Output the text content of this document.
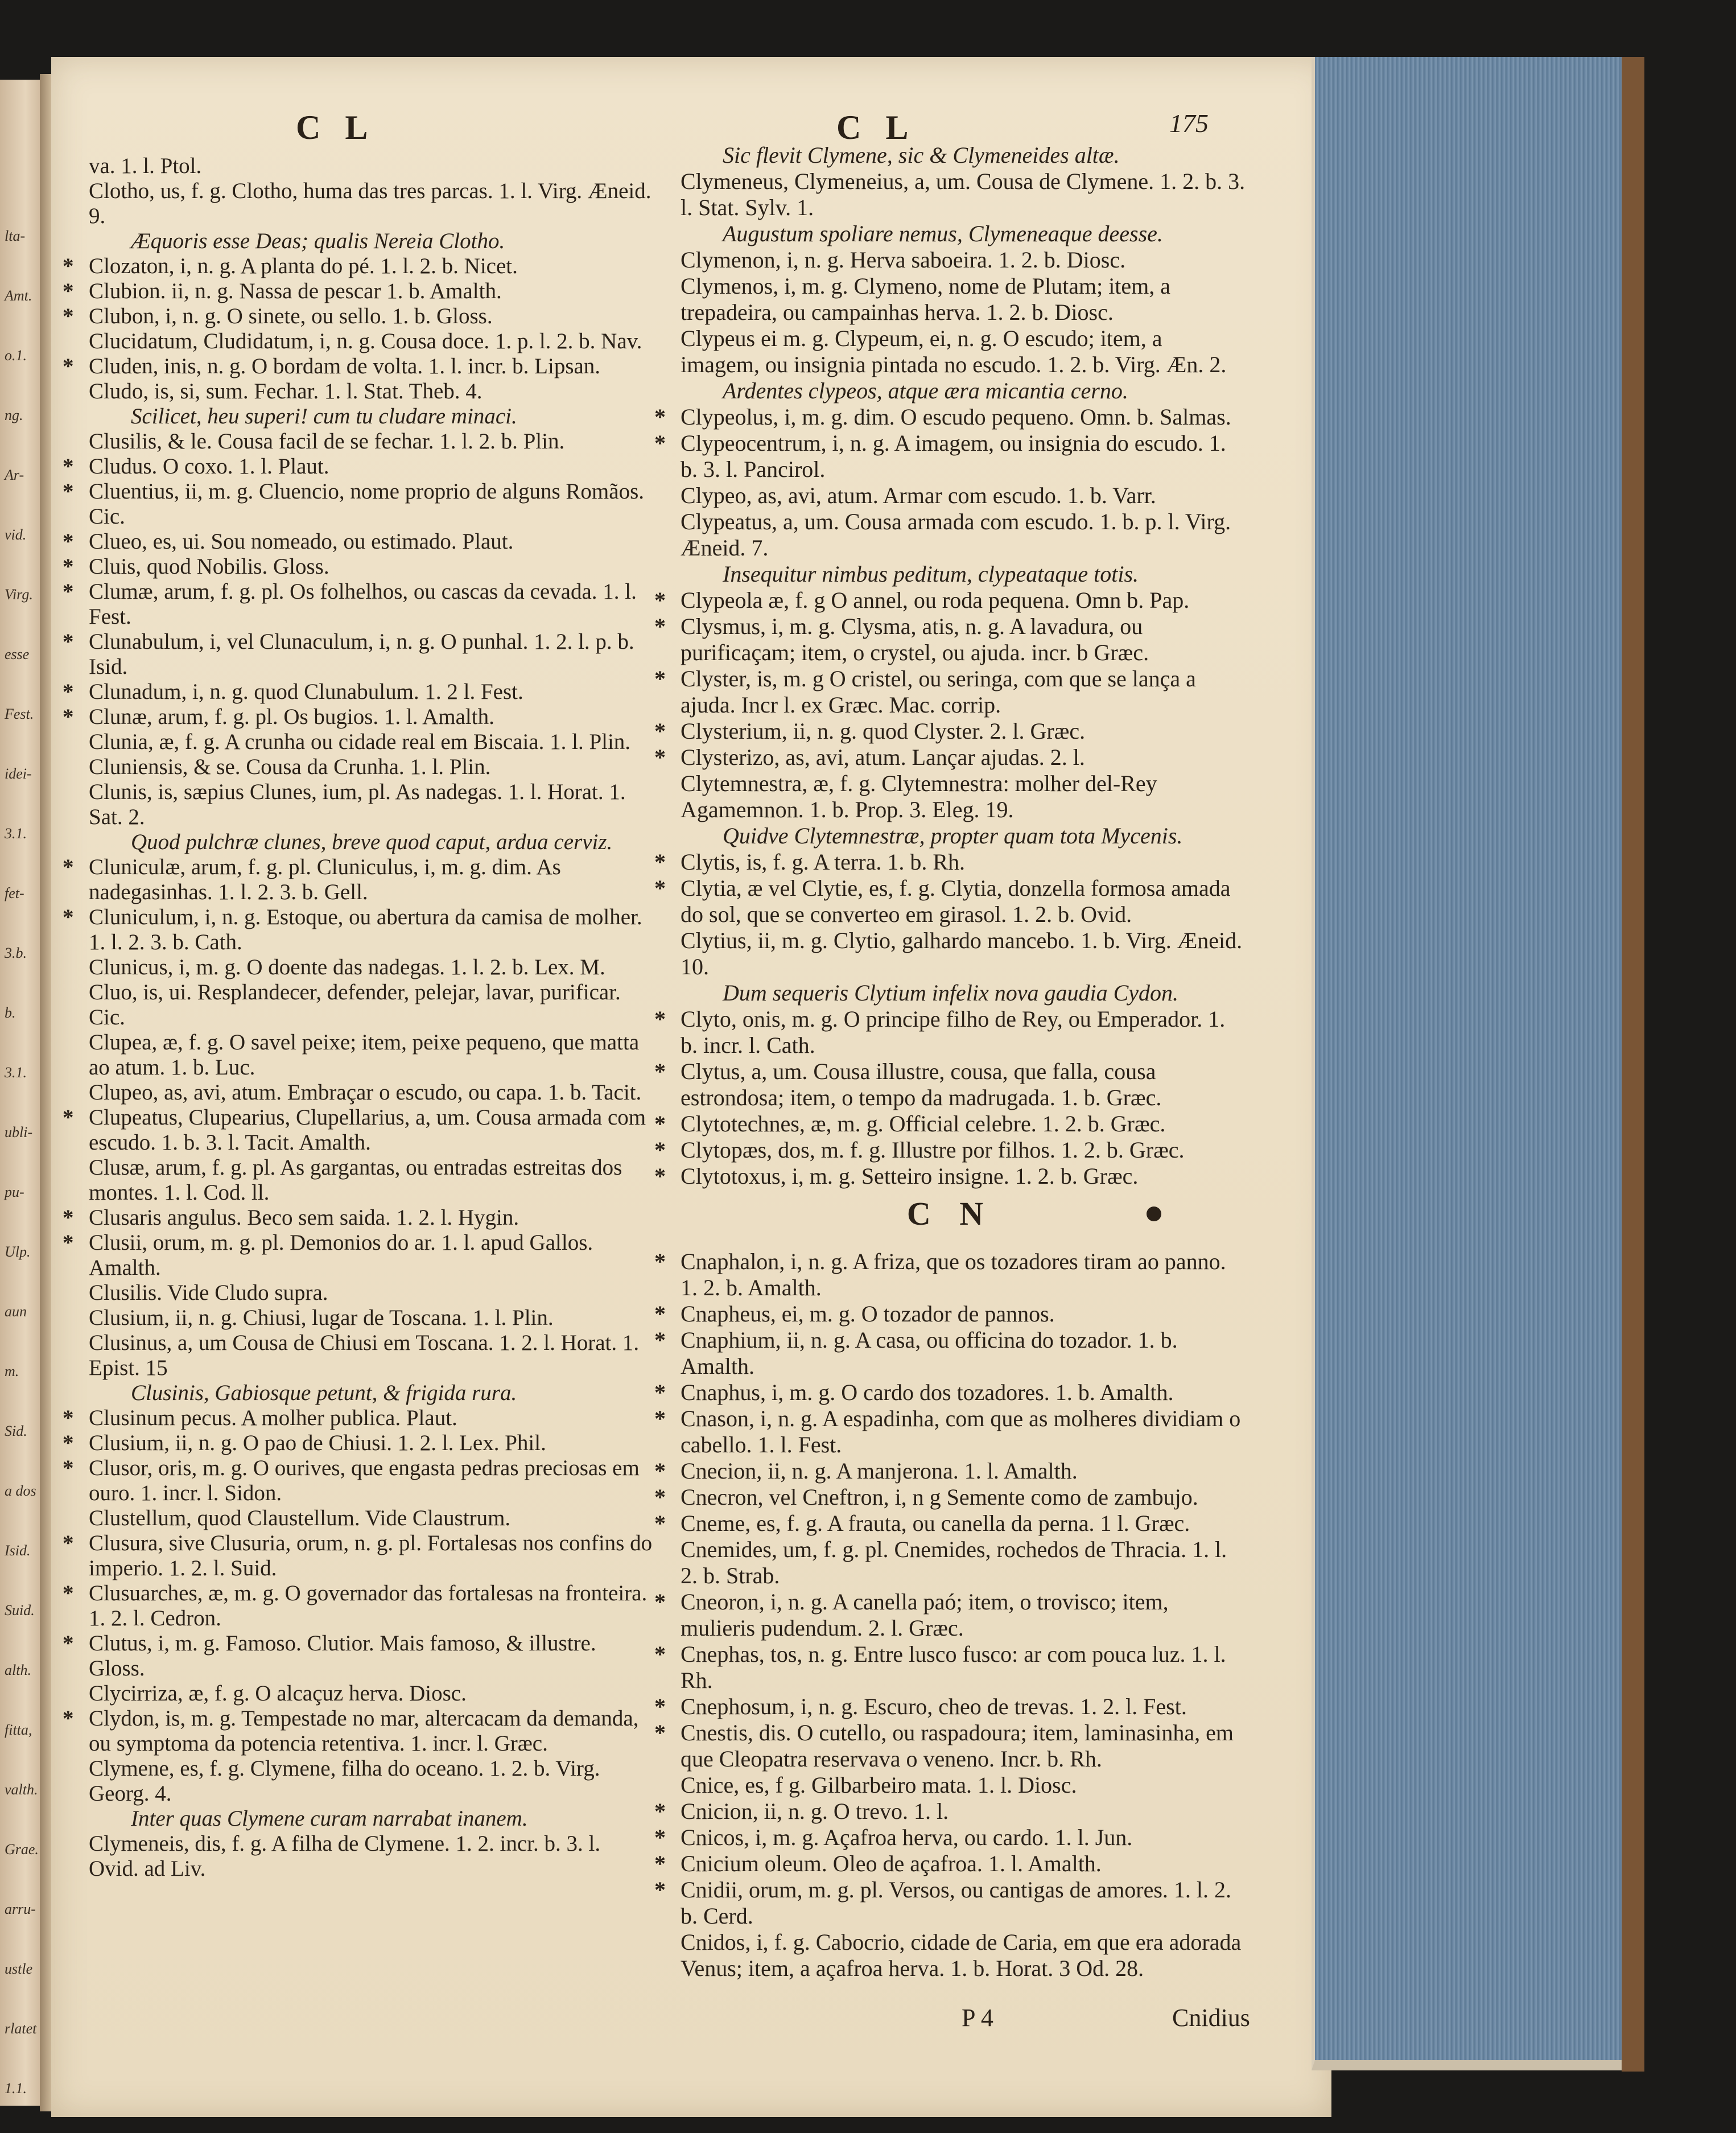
lta-
Amt.
o.1.
ng.
Ar-
vid.
Virg.
esse
Fest.
idei-
3.1.
fet-
3.b.
b.
3.1.
ubli-
pu-
Ulp.
aun
m.
Sid.
a dos
Isid.
Suid.
alth.
fitta,
valth.
Grae.
arru-
ustle
rlatet
1.1.
C L	C L	175

va. 1. l. Ptol.

Clotho, us, f. g. Clotho, huma das tres parcas. 1. l. Virg. Æneid. 9.

Æquoris esse Deas; qualis Nereia Clotho.

* Clozaton, i, n. g. A planta do pé. 1. l. 2. b. Nicet.

* Clubion. ii, n. g. Nassa de pescar 1. b. Amalth.

* Clubon, i, n. g. O sinete, ou sello. 1. b. Gloss.

Clucidatum, Cludidatum, i, n. g. Cousa doce. 1. p. l. 2. b. Nav.

* Cluden, inis, n. g. O bordam de volta. 1. l. incr. b. Lipsan.

Cludo, is, si, sum. Fechar. 1. l. Stat. Theb. 4.

Scilicet, heu superi! cum tu cludare minaci.

Clusilis, & le. Cousa facil de se fechar. 1. l. 2. b. Plin.

* Cludus. O coxo. 1. l. Plaut.

* Cluentius, ii, m. g. Cluencio, nome proprio de alguns Romãos. Cic.

* Clueo, es, ui. Sou nomeado, ou estimado. Plaut.

* Cluis, quod Nobilis. Gloss.

* Clumæ, arum, f. g. pl. Os folhelhos, ou cascas da cevada. 1. l. Fest.

* Clunabulum, i, vel Clunaculum, i, n. g. O punhal. 1. 2. l. p. b. Isid.

* Clunadum, i, n. g. quod Clunabulum. 1. 2 l. Fest.

* Clunæ, arum, f. g. pl. Os bugios. 1. l. Amalth.

Clunia, æ, f. g. A crunha ou cidade real em Biscaia. 1. l. Plin.

Cluniensis, & se. Cousa da Crunha. 1. l. Plin.

Clunis, is, sæpius Clunes, ium, pl. As nadegas. 1. l. Horat. 1. Sat. 2.

Quod pulchræ clunes, breve quod caput, ardua cerviz.

* Cluniculæ, arum, f. g. pl. Cluniculus, i, m. g. dim. As nadegasinhas. 1. l. 2. 3. b. Gell.

* Cluniculum, i, n. g. Estoque, ou abertura da camisa de molher. 1. l. 2. 3. b. Cath.

Clunicus, i, m. g. O doente das nadegas. 1. l. 2. b. Lex. M.

Cluo, is, ui. Resplandecer, defender, pelejar, lavar, purificar. Cic.

Clupea, æ, f. g. O savel peixe; item, peixe pequeno, que matta ao atum. 1. b. Luc.

Clupeo, as, avi, atum. Embraçar o escudo, ou capa. 1. b. Tacit.

* Clupeatus, Clupearius, Clupellarius, a, um. Cousa armada com escudo. 1. b. 3. l. Tacit. Amalth.

Clusæ, arum, f. g. pl. As gargantas, ou entradas estreitas dos montes. 1. l. Cod. ll.

* Clusaris angulus. Beco sem saida. 1. 2. l. Hygin.

* Clusii, orum, m. g. pl. Demonios do ar. 1. l. apud Gallos. Amalth.

Clusilis. Vide Cludo supra.

Clusium, ii, n. g. Chiusi, lugar de Toscana. 1. l. Plin.

Clusinus, a, um Cousa de Chiusi em Toscana. 1. 2. l. Horat. 1. Epist. 15

Clusinis, Gabiosque petunt, & frigida rura.

* Clusinum pecus. A molher publica. Plaut.

* Clusium, ii, n. g. O pao de Chiusi. 1. 2. l. Lex. Phil.

* Clusor, oris, m. g. O ourives, que engasta pedras preciosas em ouro. 1. incr. l. Sidon.

Clustellum, quod Claustellum. Vide Claustrum.

* Clusura, sive Clusuria, orum, n. g. pl. Fortalesas nos confins do imperio. 1. 2. l. Suid.

* Clusuarches, æ, m. g. O governador das fortalesas na fronteira. 1. 2. l. Cedron.

* Clutus, i, m. g. Famoso. Clutior. Mais famoso, & illustre. Gloss.

Clycirriza, æ, f. g. O alcaçuz herva. Diosc.

* Clydon, is, m. g. Tempestade no mar, altercacam da demanda, ou symptoma da potencia retentiva. 1. incr. l. Græc.

Clymene, es, f. g. Clymene, filha do oceano. 1. 2. b. Virg. Georg. 4.

Inter quas Clymene curam narrabat inanem.

Clymeneis, dis, f. g. A filha de Clymene. 1. 2. incr. b. 3. l. Ovid. ad Liv.

Sic flevit Clymene, sic & Clymeneides altæ.

Clymeneus, Clymeneius, a, um. Cousa de Clymene. 1. 2. b. 3. l. Stat. Sylv. 1.

Augustum spoliare nemus, Clymeneaque deesse.

Clymenon, i, n. g. Herva saboeira. 1. 2. b. Diosc.

Clymenos, i, m. g. Clymeno, nome de Plutam; item, a trepadeira, ou campainhas herva. 1. 2. b. Diosc.

Clypeus ei m. g. Clypeum, ei, n. g. O escudo; item, a imagem, ou insignia pintada no escudo. 1. 2. b. Virg. Æn. 2.

Ardentes clypeos, atque æra micantia cerno.

* Clypeolus, i, m. g. dim. O escudo pequeno. Omn. b. Salmas.

* Clypeocentrum, i, n. g. A imagem, ou insignia do escudo. 1. b. 3. l. Pancirol.

Clypeo, as, avi, atum. Armar com escudo. 1. b. Varr.

Clypeatus, a, um. Cousa armada com escudo. 1. b. p. l. Virg. Æneid. 7.

Insequitur nimbus peditum, clypeataque totis.

* Clypeola æ, f. g O annel, ou roda pequena. Omn b. Pap.

* Clysmus, i, m. g. Clysma, atis, n. g. A lavadura, ou purificaçam; item, o crystel, ou ajuda. incr. b Græc.

* Clyster, is, m. g O cristel, ou seringa, com que se lança a ajuda. Incr l. ex Græc. Mac. corrip.

* Clysterium, ii, n. g. quod Clyster. 2. l. Græc.

* Clysterizo, as, avi, atum. Lançar ajudas. 2. l.

Clytemnestra, æ, f. g. Clytemnestra: molher del-Rey Agamemnon. 1. b. Prop. 3. Eleg. 19.

Quidve Clytemnestræ, propter quam tota Mycenis.

* Clytis, is, f. g. A terra. 1. b. Rh.

* Clytia, æ vel Clytie, es, f. g. Clytia, donzella formosa amada do sol, que se converteo em girasol. 1. 2. b. Ovid.

Clytius, ii, m. g. Clytio, galhardo mancebo. 1. b. Virg. Æneid. 10.

Dum sequeris Clytium infelix nova gaudia Cydon.

* Clyto, onis, m. g. O principe filho de Rey, ou Emperador. 1. b. incr. l. Cath.

* Clytus, a, um. Cousa illustre, cousa, que falla, cousa estrondosa; item, o tempo da madrugada. 1. b. Græc.

* Clytotechnes, æ, m. g. Official celebre. 1. 2. b. Græc.

* Clytopæs, dos, m. f. g. Illustre por filhos. 1. 2. b. Græc.

* Clytotoxus, i, m. g. Setteiro insigne. 1. 2. b. Græc.

C N

* Cnaphalon, i, n. g. A friza, que os tozadores tiram ao panno. 1. 2. b. Amalth.

* Cnapheus, ei, m. g. O tozador de pannos.

* Cnaphium, ii, n. g. A casa, ou officina do tozador. 1. b. Amalth.

* Cnaphus, i, m. g. O cardo dos tozadores. 1. b. Amalth.

* Cnason, i, n. g. A espadinha, com que as molheres dividiam o cabello. 1. l. Fest.

* Cnecion, ii, n. g. A manjerona. 1. l. Amalth.

* Cnecron, vel Cneftron, i, n g Semente como de zambujo.

* Cneme, es, f. g. A frauta, ou canella da perna. 1 l. Græc.

Cnemides, um, f. g. pl. Cnemides, rochedos de Thracia. 1. l. 2. b. Strab.

* Cneoron, i, n. g. A canella paó; item, o trovisco; item, mulieris pudendum. 2. l. Græc.

* Cnephas, tos, n. g. Entre lusco fusco: ar com pouca luz. 1. l. Rh.

* Cnephosum, i, n. g. Escuro, cheo de trevas. 1. 2. l. Fest.

* Cnestis, dis. O cutello, ou raspadoura; item, laminasinha, em que Cleopatra reservava o veneno. Incr. b. Rh.

Cnice, es, f g. Gilbarbeiro mata. 1. l. Diosc.

* Cnicion, ii, n. g. O trevo. 1. l.

* Cnicos, i, m. g. Açafroa herva, ou cardo. 1. l. Jun.

* Cnicium oleum. Oleo de açafroa. 1. l. Amalth.

* Cnidii, orum, m. g. pl. Versos, ou cantigas de amores. 1. l. 2. b. Cerd.

Cnidos, i, f. g. Cabocrio, cidade de Caria, em que era adorada Venus; item, a açafroa herva. 1. b. Horat. 3 Od. 28.

P 4	Cnidius
